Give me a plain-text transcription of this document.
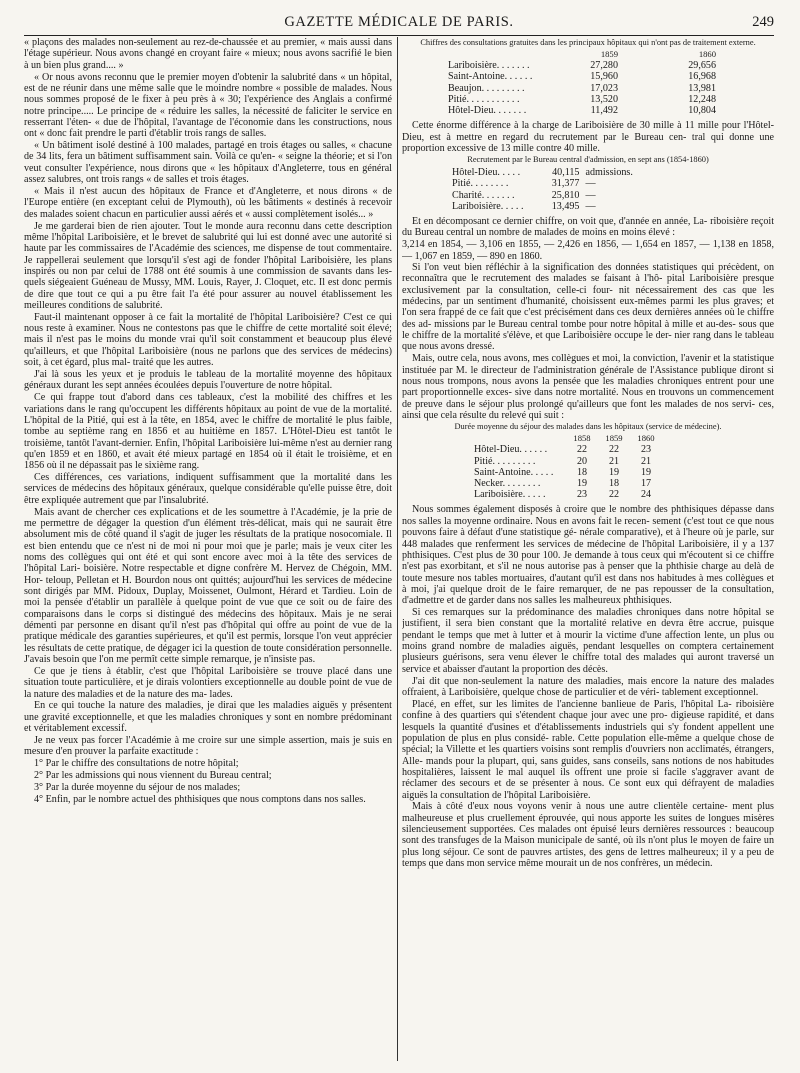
GAZETTE MÉDICALE DE PARIS.	249

« plaçons des malades non-seulement au rez-de-chaussée et au premier, « mais aussi dans l'étage supérieur. Nous avons changé en croyant faire « mieux; nous avons sacrifié le bien à un bien plus grand.... »

« Or nous avons reconnu que le premier moyen d'obtenir la salubrité dans « un hôpital, est de ne réunir dans une même salle que le moindre nombre « possible de malades. Nous nous sommes proposé de le fixer à peu près à « 30; l'expérience des Anglais a confirmé notre principe..... Le principe de « réduire les salles, la nécessité de faliciter le service en resserrant l'éten- « due de l'hôpital, l'avantage de l'économie dans les constructions, nous ont « donc fait prendre le parti d'établir trois rangs de salles.

« Un bâtiment isolé destiné à 100 malades, partagé en trois étages ou salles, « chacune de 34 lits, fera un bâtiment suffisamment sain. Voilà ce qu'en- « seigne la théorie; et si l'on veut consulter l'expérience, nous dirons que « les hôpitaux d'Angleterre, tous en général assez salubres, ont trois rangs « de salles et trois étages.

« Mais il n'est aucun des hôpitaux de France et d'Angleterre, et nous dirons « de l'Europe entière (en exceptant celui de Plymouth), où les bâtiments « destinés à recevoir des malades soient chacun en particulier aussi aérés et « aussi complètement isolés... »

Je me garderai bien de rien ajouter. Tout le monde aura reconnu dans cette description même l'hôpital Lariboisière, et le brevet de salubrité qui lui est donné avec une autorité si haute par les commissaires de l'Académie des sciences, me dispense de tout commentaire. Je rappellerai seulement que lorsqu'il s'est agi de fonder l'hôpital Lariboisière, les plans inspirés ou non par celui de 1788 ont été soumis à une commission de savants dans les- quels siégeaient Guéneau de Mussy, MM. Louis, Rayer, J. Cloquet, etc. Il est donc permis de dire que tout ce qui a pu être fait l'a été pour assurer au nouvel établissement les meilleures conditions de salubrité.

Faut-il maintenant opposer à ce fait la mortalité de l'hôpital Lariboisière? C'est ce qui nous reste à examiner. Nous ne contestons pas que le chiffre de cette mortalité soit élevé; mais il n'est pas le moins du monde vrai qu'il soit constamment et beaucoup plus élevé qu'ailleurs, et que l'hôpital Lariboisière (nous ne parlons que des services de médecins) soit, à cet égard, plus mal- traité que les autres.

J'ai là sous les yeux et je produis le tableau de la mortalité moyenne des hôpitaux généraux durant les sept années écoulées depuis l'ouverture de notre hôpital.

Ce qui frappe tout d'abord dans ces tableaux, c'est la mobilité des chiffres et les variations dans le rang qu'occupent les différents hôpitaux au point de vue de la mortalité. L'hôpital de la Pitié, qui est à la tête, en 1854, avec le chiffre de mortalité le plus faible, tombe au septième rang en 1856 et au huitième en 1857. L'Hôtel-Dieu est tantôt le troisième, tantôt l'avant-dernier. Enfin, l'hôpital Lariboisière lui-même n'est au dernier rang qu'en 1859 et en 1860, et avait été mieux partagé en 1854 où il était le troisième, et en 1856 où il ne dépassait pas le sixième rang.

Ces différences, ces variations, indiquent suffisamment que la mortalité dans les services de médecins des hôpitaux généraux, quelque considérable qu'elle puisse être, doit être expliquée autrement que par l'insalubrité.

Mais avant de chercher ces explications et de les soumettre à l'Académie, je la prie de me permettre de dégager la question d'un élément très-délicat, mais qui ne saurait être absolument mis de côté quand il s'agit de juger les résultats de la pratique nosocomiale. Il est bien entendu que ce n'est ni de moi ni pour moi que je parle; mais je veux citer les noms des collègues qui ont été et qui sont encore avec moi à la tête des services de l'hôpital Lari- boisière. Notre respectable et digne confrère M. Hervez de Chégoin, MM. Hor- teloup, Pelletan et H. Bourdon nous ont quittés; aujourd'hui les services de médecine sont dirigés par MM. Pidoux, Duplay, Moissenet, Oulmont, Hérard et Tardieu. Loin de moi la pensée d'établir un parallèle à quelque point de vue que ce soit ou de faire des comparaisons dans le corps si distingué des médecins des hôpitaux. Mais je ne serai démenti par personne en disant qu'il n'est pas d'hôpital qui offre au point de vue de la pratique médicale des garanties supérieures, et qu'il est permis, lorsque l'on veut apprécier les résultats de cette pratique, de dégager ici la question de toute considération personnelle. J'avais besoin que l'on me permît cette simple remarque, je n'insiste pas.

Ce que je tiens à établir, c'est que l'hôpital Lariboisière se trouve placé dans une situation toute particulière, et je dirais volontiers exceptionnelle au double point de vue de la nature des maladies et de la nature des ma- lades.

En ce qui touche la nature des maladies, je dirai que les maladies aiguës y présentent une gravité exceptionnelle, et que les maladies chroniques y sont en nombre prédominant et véritablement excessif.

Je ne veux pas forcer l'Académie à me croire sur une simple assertion, mais je suis en mesure d'en prouver la parfaite exactitude :

1° Par le chiffre des consultations de notre hôpital;

2° Par les admissions qui nous viennent du Bureau central;

3° Par la durée moyenne du séjour de nos malades;

4° Enfin, par le nombre actuel des phthisiques que nous comptons dans nos salles.

Chiffres des consultations gratuites dans les principaux hôpitaux qui n'ont pas de traitement externe.
	1859	1860
Lariboisière. . . . . . .	27,280	29,656
Saint-Antoine. . . . . .	15,960	16,968
Beaujon. . . . . . . . .	17,023	13,981
Pitié. . . . . . . . . . .	13,520	12,248
Hôtel-Dieu. . . . . . .	11,492	10,804

Cette énorme différence à la charge de Lariboisière de 30 mille à 11 mille pour l'Hôtel-Dieu, est à mettre en regard du recrutement par le Bureau cen- tral qui donne une proportion excessive de 13 mille contre 40 mille.

Recrutement par le Bureau central d'admission, en sept ans (1854-1860)
Hôtel-Dieu. . . . .	40,115	admissions.
Pitié. . . . . . . .	31,377	—
Charité. . . . . . .	25,810	—
Lariboisière. . . . .	13,495	—

Et en décomposant ce dernier chiffre, on voit que, d'année en année, La- riboisière reçoit du Bureau central un nombre de malades de moins en moins élevé :

3,214 en 1854, — 3,106 en 1855, — 2,426 en 1856, — 1,654 en 1857, — 1,138 en 1858, — 1,067 en 1859, — 890 en 1860.

Si l'on veut bien réfléchir à la signification des données statistiques qui précèdent, on reconnaîtra que le recrutement des malades se faisant à l'hô- pital Lariboisière presque exclusivement par la consultation, celle-ci four- nit nécessairement des cas que les médecins, par un sentiment d'humanité, choisissent eux-mêmes parmi les plus graves; et l'on sera frappé de ce fait que c'est précisément dans ces deux dernières années où le chiffre des ad- missions par le Bureau central tombe pour notre hôpital à mille et au-des- sous que le chiffre de la mortalité s'élève, et que Lariboisière occupe le der- nier rang dans le tableau que nous avons dressé.

Mais, outre cela, nous avons, mes collègues et moi, la conviction, l'avenir et la statistique instituée par M. le directeur de l'administration générale de l'Assistance publique diront si nous nous trompons, nous avons la pensée que les maladies chroniques entrent pour une part proportionnelle exces- sive dans notre mortalité. Nous en trouvons un commencement de preuve dans le séjour plus prolongé qu'ailleurs que font les malades de nos servi- ces, ainsi que cela résulte du relevé qui suit :

Durée moyenne du séjour des malades dans les hôpitaux (service de médecine).
	1858	1859	1860
Hôtel-Dieu. . . . . .	22	22	23
Pitié. . . . . . . . .	20	21	21
Saint-Antoine. . . . .	18	19	19
Necker. . . . . . . .	19	18	17
Lariboisière. . . . .	23	22	24

Nous sommes également disposés à croire que le nombre des phthisiques dépasse dans nos salles la moyenne ordinaire. Nous en avons fait le recen- sement (c'est tout ce que nous pouvons faire à défaut d'une statistique gé- nérale comparative), et à l'heure où je parle, sur 448 malades que renferment les services de médecine de l'hôpital Lariboisière, il y a 137 phthisiques. C'est plus de 30 pour 100. Je demande à tous ceux qui m'écoutent si ce chiffre n'est pas exorbitant, et s'il ne nous autorise pas à penser que la phthisie charge au delà de toute mesure nos tables mortuaires, d'autant qu'il est dans nos habitudes à mes collègues et à moi, j'ai quelque droit de le faire remarquer, de ne pas repousser de la consultation, d'admettre et de garder dans nos salles les malheureux phthisiques.

Si ces remarques sur la prédominance des maladies chroniques dans notre hôpital se justifient, il sera bien constant que la mortalité relative en devra être accrue, puisque pendant le temps que met à lutter et à mourir la victime d'une affection lente, un plus ou moins grand nombre de maladies aiguës, pendant lesquelles on comptera certainement plusieurs guérisons, sera venu élever le chiffre total des malades qui auront traversé un service et abaisser d'autant la proportion des décès.

J'ai dit que non-seulement la nature des maladies, mais encore la nature des malades offraient, à Lariboisière, quelque chose de particulier et de véri- tablement exceptionnel.

Placé, en effet, sur les limites de l'ancienne banlieue de Paris, l'hôpital La- riboisière confine à des quartiers qui s'étendent chaque jour avec une pro- digieuse rapidité, et dans lesquels la quantité d'usines et d'établissements industriels qui s'y fondent appellent une population de plus en plus considé- rable. Cette population elle-même a quelque chose de spécial; la Villette et les quartiers voisins sont remplis d'ouvriers non acclimatés, étrangers, Alle- mands pour la plupart, qui, sans guides, sans conseils, sans notions de nos habitudes hospitalières, laissent le mal auquel ils offrent une proie si facile s'aggraver avant de réclamer des secours et de se présenter à nous. Ce sont eux qui défrayent de maladies aiguës la consultation de l'hôpital Lariboisière.

Mais à côté d'eux nous voyons venir à nous une autre clientèle certaine- ment plus malheureuse et plus cruellement éprouvée, qui nous apporte les suites de longues misères silencieusement supportées. Ces malades ont épuisé leurs dernières ressources : beaucoup sont des transfuges de la Maison municipale de santé, où ils n'ont plus le moyen de faire un plus long séjour. Ce sont de pauvres artistes, des gens de lettres malheureux; il y a peu de temps que dans mon service même mourait un de nos confrères, un médecin.
